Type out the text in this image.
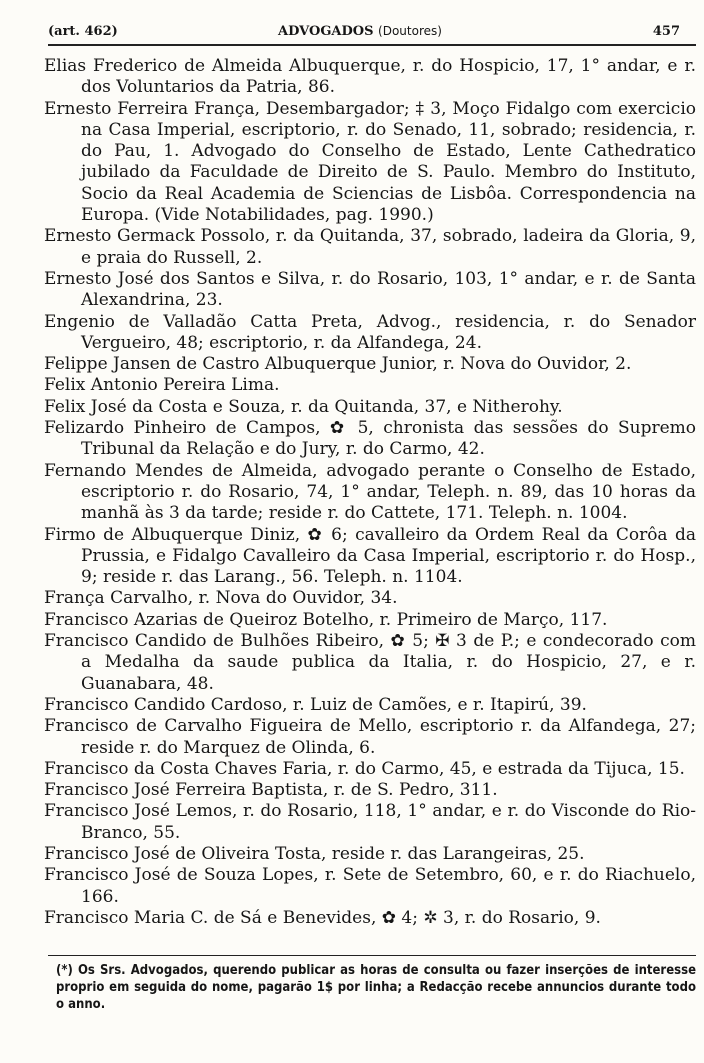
(art. 462)	ADVOGADOS (Doutores)	457

Elias Frederico de Almeida Albuquerque, r. do Hospicio, 17, 1° andar, e r. dos Voluntarios da Patria, 86.

Ernesto Ferreira França, Desembargador; ‡ 3, Moço Fidalgo com exercicio na Casa Imperial, escriptorio, r. do Senado, 11, sobrado; residencia, r. do Pau, 1. Advogado do Conselho de Estado, Lente Cathedratico jubilado da Faculdade de Direito de S. Paulo. Membro do Instituto, Socio da Real Academia de Sciencias de Lisbôa. Correspondencia na Europa. (Vide Notabilidades, pag. 1990.)

Ernesto Germack Possolo, r. da Quitanda, 37, sobrado, ladeira da Gloria, 9, e praia do Russell, 2.

Ernesto José dos Santos e Silva, r. do Rosario, 103, 1° andar, e r. de Santa Alexandrina, 23.

Engenio de Valladão Catta Preta, Advog., residencia, r. do Senador Vergueiro, 48; escriptorio, r. da Alfandega, 24.

Felippe Jansen de Castro Albuquerque Junior, r. Nova do Ouvidor, 2.

Felix Antonio Pereira Lima.

Felix José da Costa e Souza, r. da Quitanda, 37, e Nitherohy.

Felizardo Pinheiro de Campos, ✿ 5, chronista das sessões do Supremo Tribunal da Relação e do Jury, r. do Carmo, 42.

Fernando Mendes de Almeida, advogado perante o Conselho de Estado, escriptorio r. do Rosario, 74, 1° andar, Teleph. n. 89, das 10 horas da manhã às 3 da tarde; reside r. do Cattete, 171. Teleph. n. 1004.

Firmo de Albuquerque Diniz, ✿ 6; cavalleiro da Ordem Real da Corôa da Prussia, e Fidalgo Cavalleiro da Casa Imperial, escriptorio r. do Hosp., 9; reside r. das Larang., 56. Teleph. n. 1104.

França Carvalho, r. Nova do Ouvidor, 34.

Francisco Azarias de Queiroz Botelho, r. Primeiro de Março, 117.

Francisco Candido de Bulhões Ribeiro, ✿ 5; ✠ 3 de P.; e condecorado com a Medalha da saude publica da Italia, r. do Hospicio, 27, e r. Guanabara, 48.

Francisco Candido Cardoso, r. Luiz de Camões, e r. Itapirú, 39.

Francisco de Carvalho Figueira de Mello, escriptorio r. da Alfandega, 27; reside r. do Marquez de Olinda, 6.

Francisco da Costa Chaves Faria, r. do Carmo, 45, e estrada da Tijuca, 15.

Francisco José Ferreira Baptista, r. de S. Pedro, 311.

Francisco José Lemos, r. do Rosario, 118, 1° andar, e r. do Visconde do Rio-Branco, 55.

Francisco José de Oliveira Tosta, reside r. das Larangeiras, 25.

Francisco José de Souza Lopes, r. Sete de Setembro, 60, e r. do Riachuelo, 166.

Francisco Maria C. de Sá e Benevides, ✿ 4; ✲ 3, r. do Rosario, 9.

(*) Os Srs. Advogados, querendo publicar as horas de consulta ou fazer inserções de interesse proprio em seguida do nome, pagarão 1$ por linha; a Redacção recebe annuncios durante todo o anno.
